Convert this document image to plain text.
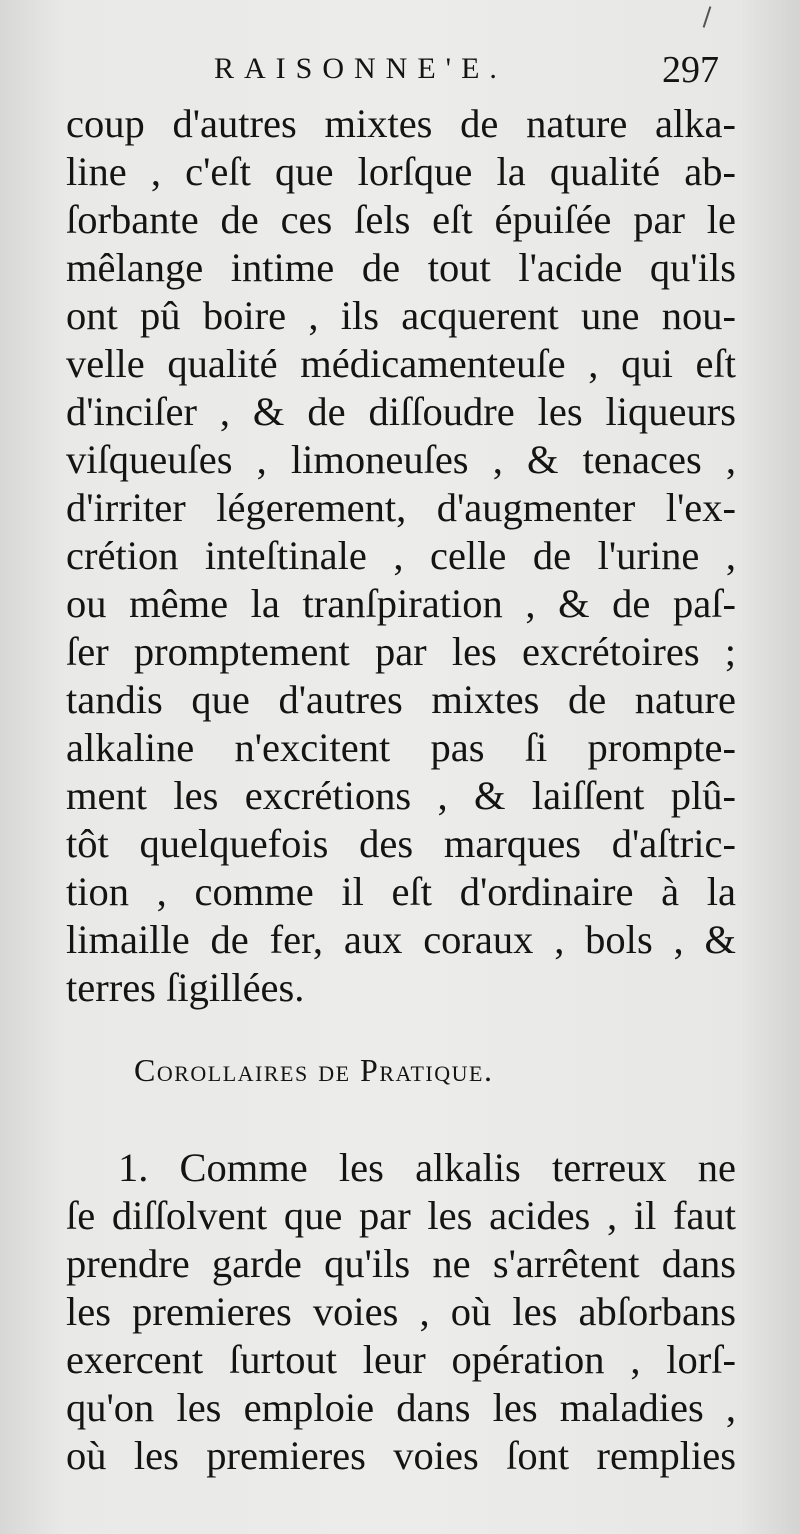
RAISONNE'E.	297
coup d'autres mixtes de nature alka-
line , c'eſt que lorſque la qualité ab-
ſorbante de ces ſels eſt épuiſée par le
mêlange intime de tout l'acide qu'ils
ont pû boire , ils acquerent une nou-
velle qualité médicamenteuſe , qui eſt
d'inciſer , & de diſſoudre les liqueurs
viſqueuſes , limoneuſes , & tenaces ,
d'irriter légerement, d'augmenter l'ex-
crétion inteſtinale , celle de l'urine ,
ou même la tranſpiration , & de paſ-
ſer promptement par les excrétoires ;
tandis que d'autres mixtes de nature
alkaline n'excitent pas ſi prompte-
ment les excrétions , & laiſſent plû-
tôt quelquefois des marques d'aſtric-
tion , comme il eſt d'ordinaire à la
limaille de fer, aux coraux , bols , &
terres ſigillées.
Corollaires de Pratique.
1. Comme les alkalis terreux ne
ſe diſſolvent que par les acides , il faut
prendre garde qu'ils ne s'arrêtent dans
les premieres voies , où les abſorbans
exercent ſurtout leur opération , lorſ-
qu'on les emploie dans les maladies ,
où les premieres voies ſont remplies
